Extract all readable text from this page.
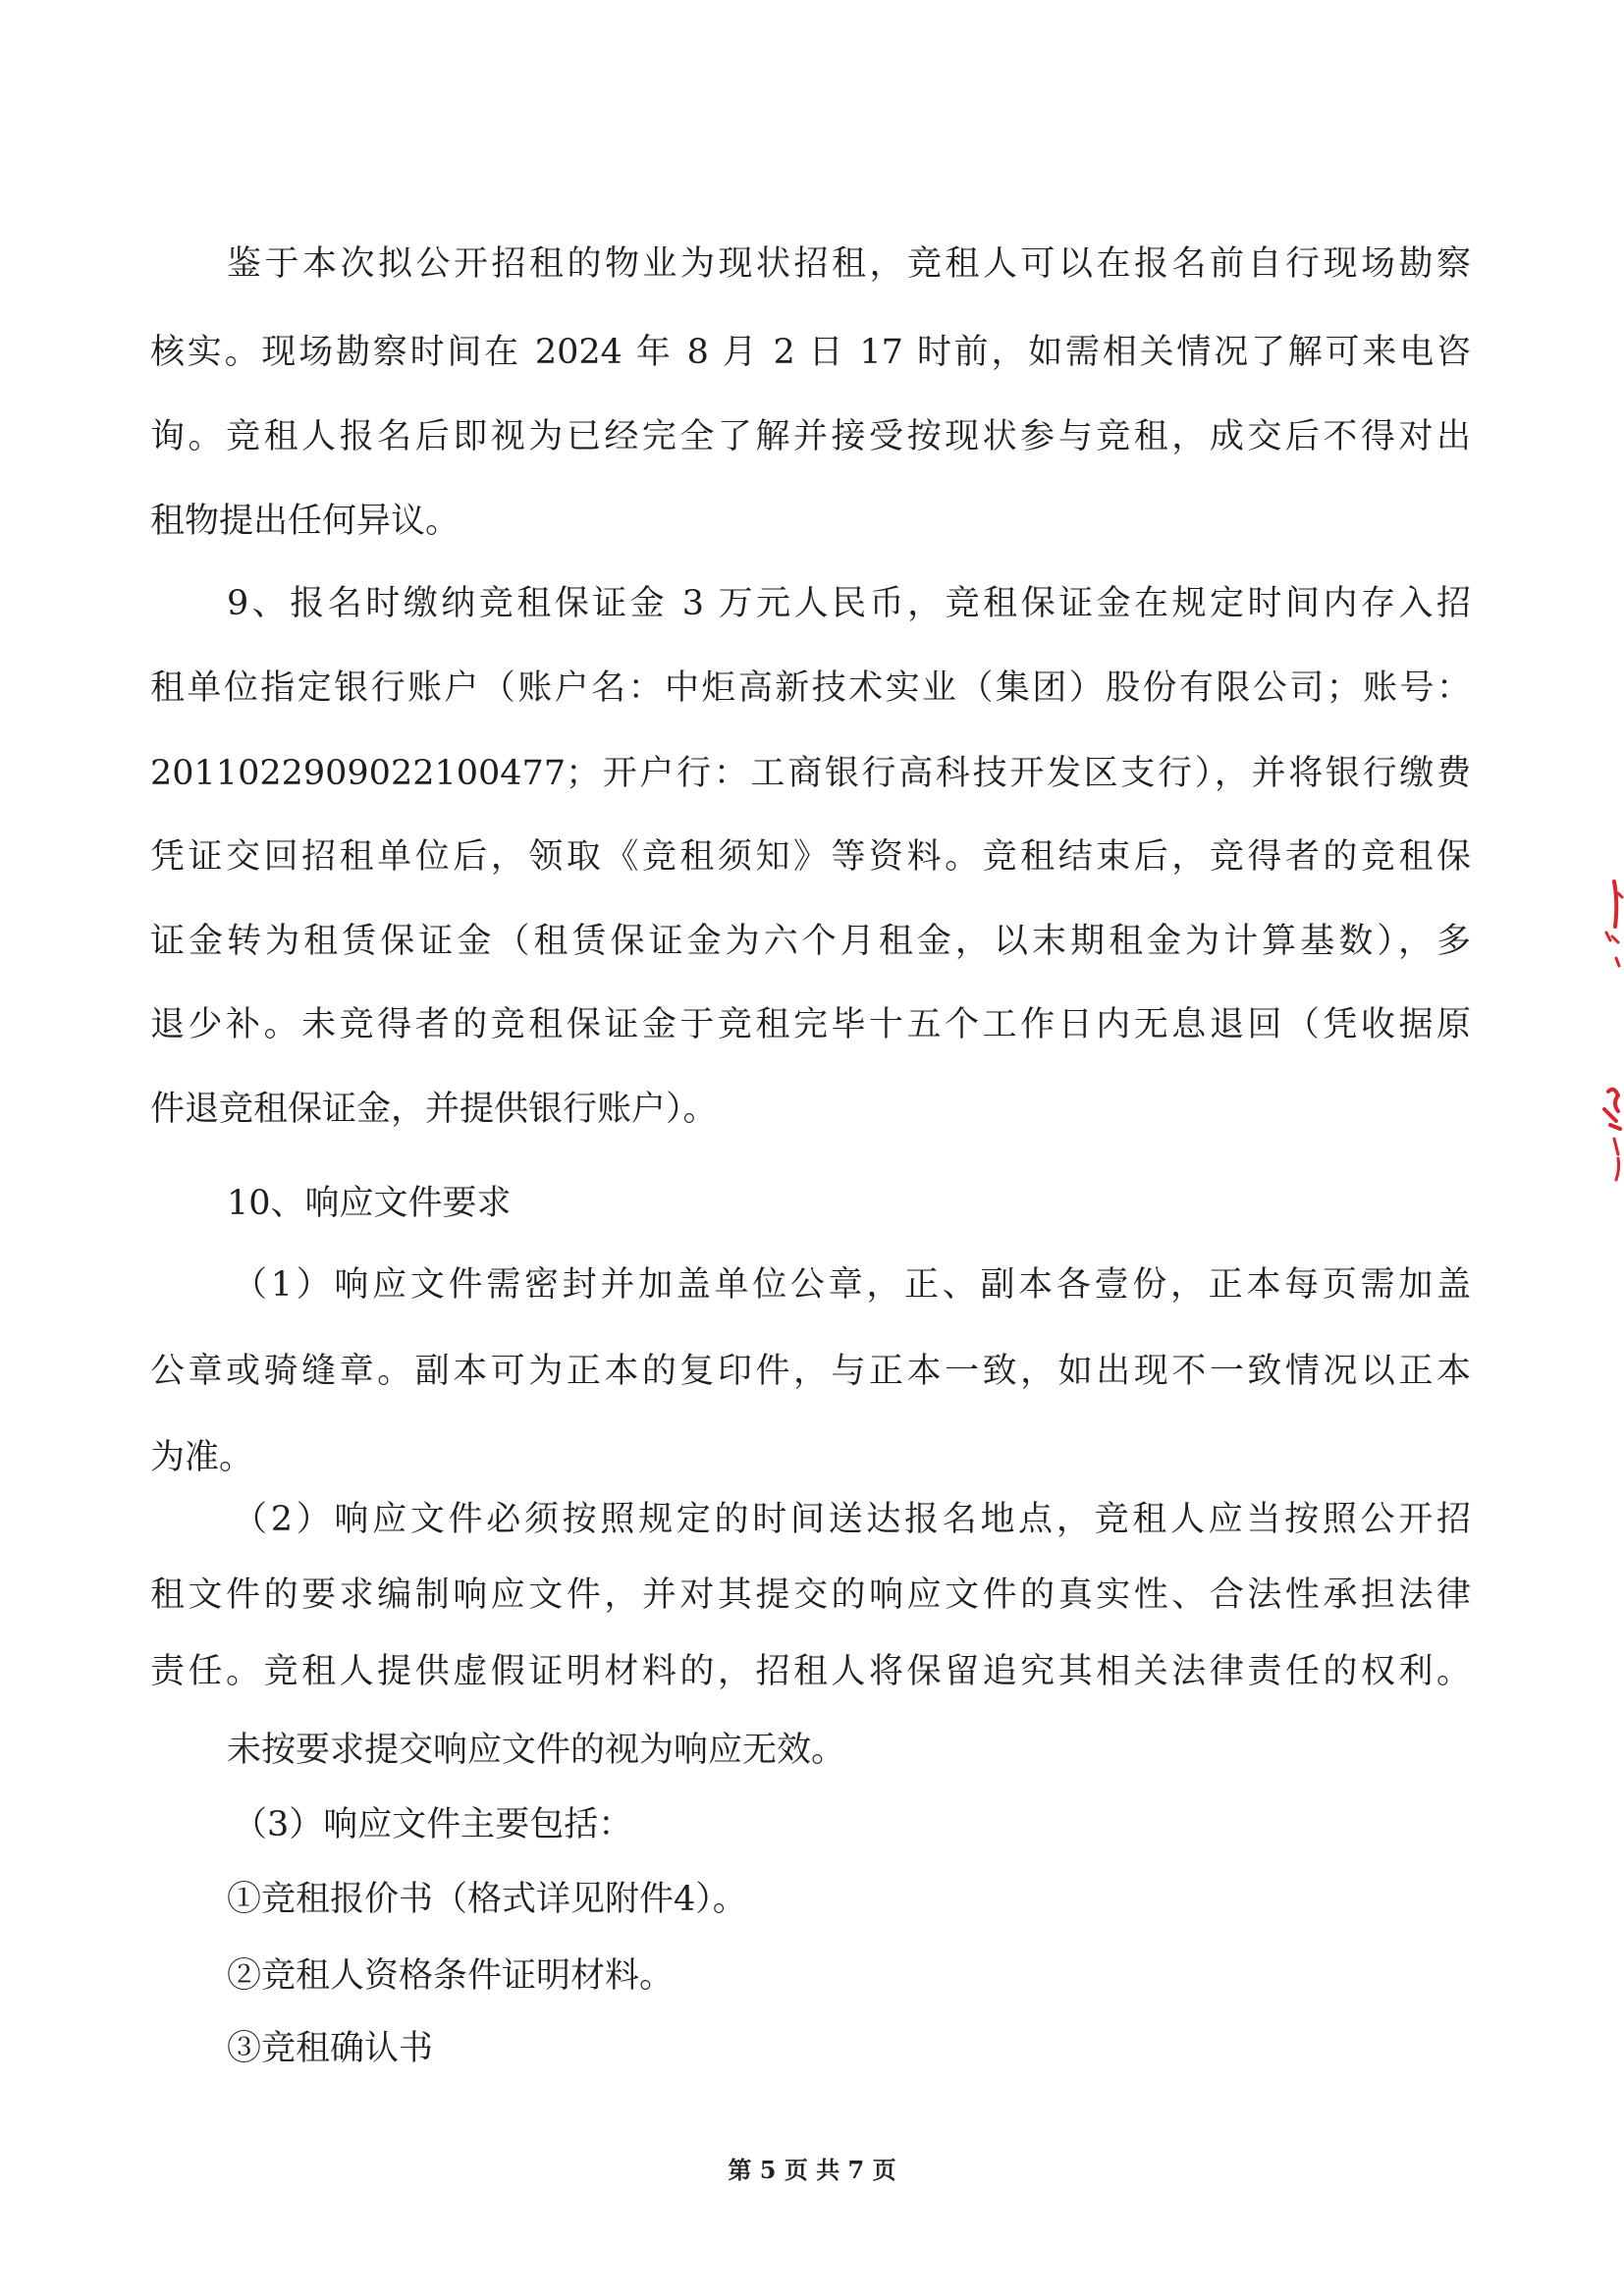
鉴于本次拟公开招租的物业为现状招租，竞租人可以在报名前自行现场勘察
核实。现场勘察时间在 2024 年 8 月 2 日 17 时前，如需相关情况了解可来电咨
询。竞租人报名后即视为已经完全了解并接受按现状参与竞租，成交后不得对出
租物提出任何异议。
9、报名时缴纳竞租保证金 3 万元人民币，竞租保证金在规定时间内存入招
租单位指定银行账户（账户名：中炬高新技术实业（集团）股份有限公司；账号：
2011022909022100477；开户行：工商银行高科技开发区支行），并将银行缴费
凭证交回招租单位后，领取《竞租须知》等资料。竞租结束后，竞得者的竞租保
证金转为租赁保证金（租赁保证金为六个月租金，以末期租金为计算基数），多
退少补。未竞得者的竞租保证金于竞租完毕十五个工作日内无息退回（凭收据原
件退竞租保证金，并提供银行账户）。
10、响应文件要求
（1）响应文件需密封并加盖单位公章，正、副本各壹份，正本每页需加盖
公章或骑缝章。副本可为正本的复印件，与正本一致，如出现不一致情况以正本
为准。
（2）响应文件必须按照规定的时间送达报名地点，竞租人应当按照公开招
租文件的要求编制响应文件，并对其提交的响应文件的真实性、合法性承担法律
责任。竞租人提供虚假证明材料的，招租人将保留追究其相关法律责任的权利。
未按要求提交响应文件的视为响应无效。
（3）响应文件主要包括：
①竞租报价书（格式详见附件4）。
②竞租人资格条件证明材料。
③竞租确认书
第 5 页 共 7 页
